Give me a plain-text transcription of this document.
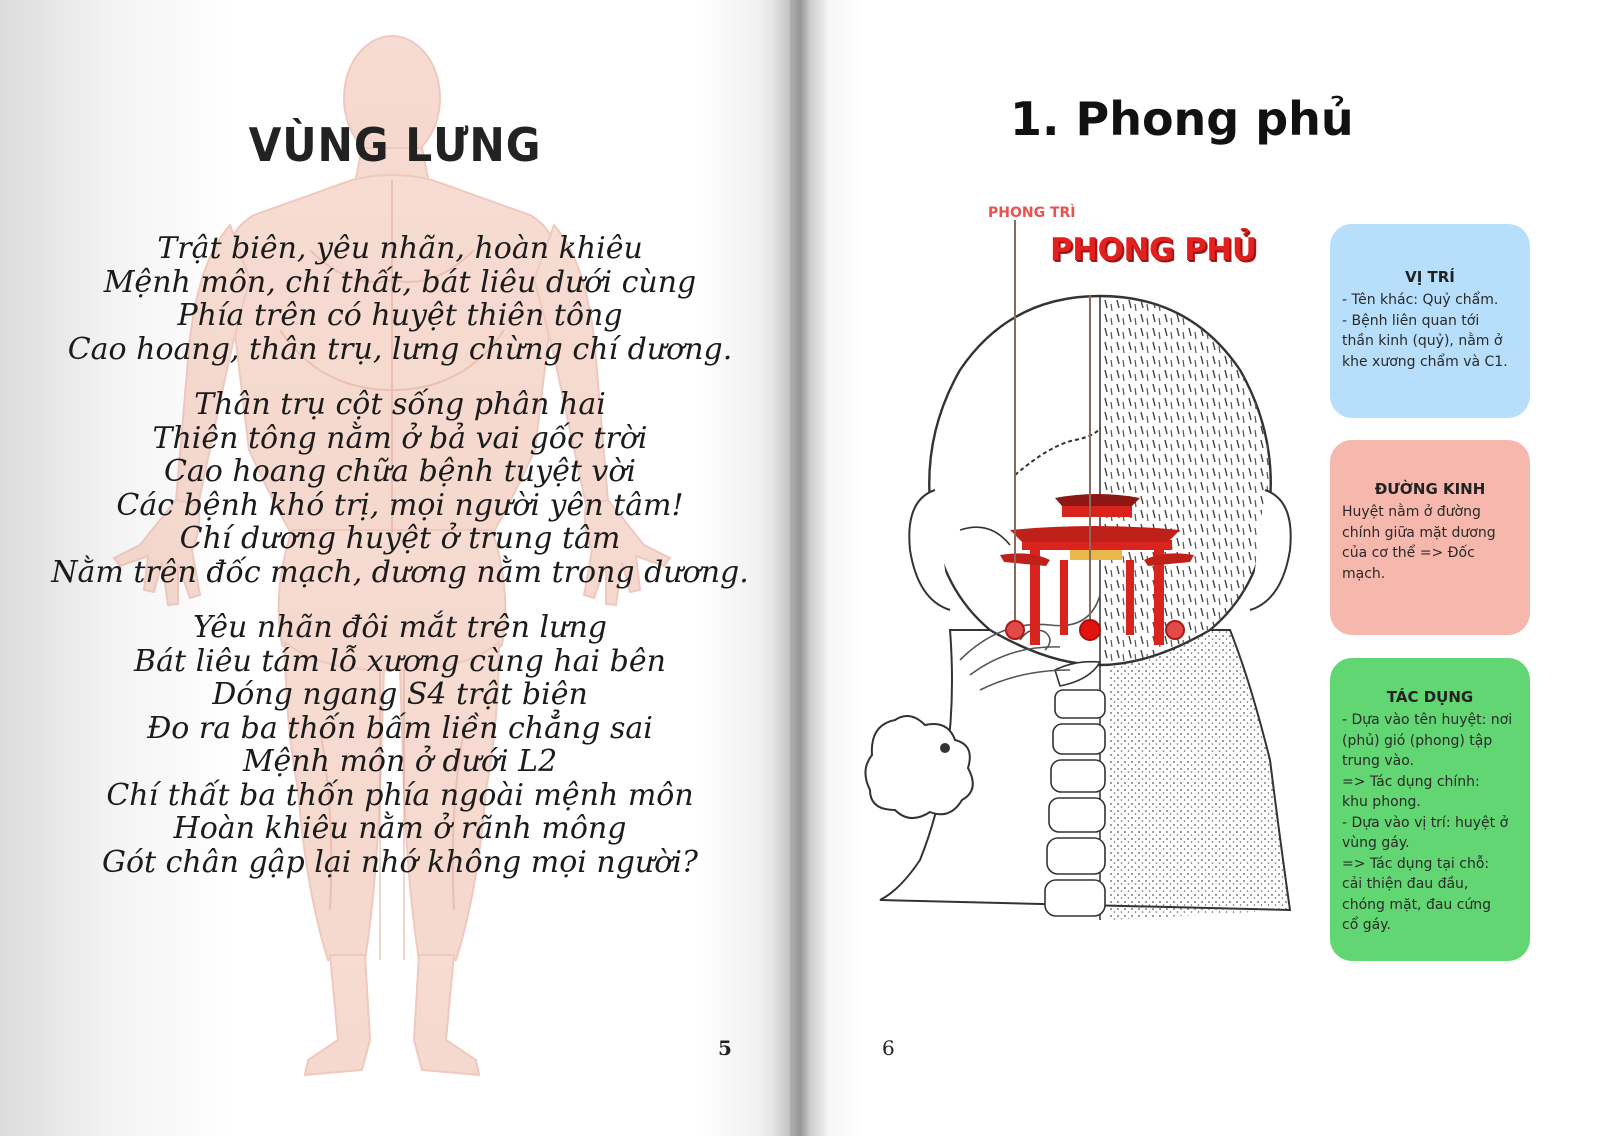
VÙNG LƯNG
Trật biên, yêu nhãn, hoàn khiêu
Mệnh môn, chí thất, bát liêu dưới cùng
Phía trên có huyệt thiên tông
Cao hoang, thân trụ, lưng chừng chí dương.
Thân trụ cột sống phân hai
Thiên tông nằm ở bả vai gốc trời
Cao hoang chữa bệnh tuyệt vời
Các bệnh khó trị, mọi người yên tâm!
Chí dương huyệt ở trung tâm
Nằm trên đốc mạch, dương nằm trong dương.
Yêu nhãn đôi mắt trên lưng
Bát liêu tám lỗ xương cùng hai bên
Dóng ngang S4 trật biên
Đo ra ba thốn bấm liền chẳng sai
Mệnh môn ở dưới L2
Chí thất ba thốn phía ngoài mệnh môn
Hoàn khiêu nằm ở rãnh mông
Gót chân gập lại nhớ không mọi người?
5	6
1. Phong phủ
PHONG TRÌ
PHONG PHỦ
VỊ TRÍ
- Tên khác: Quỷ chẩm.
- Bệnh liên quan tới
thần kinh (quỷ), nằm ở
khe xương chẩm và C1.
ĐƯỜNG KINH
Huyệt nằm ở đường
chính giữa mặt dương
của cơ thể => Đốc
mạch.
TÁC DỤNG
- Dựa vào tên huyệt: nơi
(phủ) gió (phong) tập
trung vào.
=> Tác dụng chính:
khu phong.
- Dựa vào vị trí: huyệt ở
vùng gáy.
=> Tác dụng tại chỗ:
cải thiện đau đầu,
chóng mặt, đau cứng
cổ gáy.
